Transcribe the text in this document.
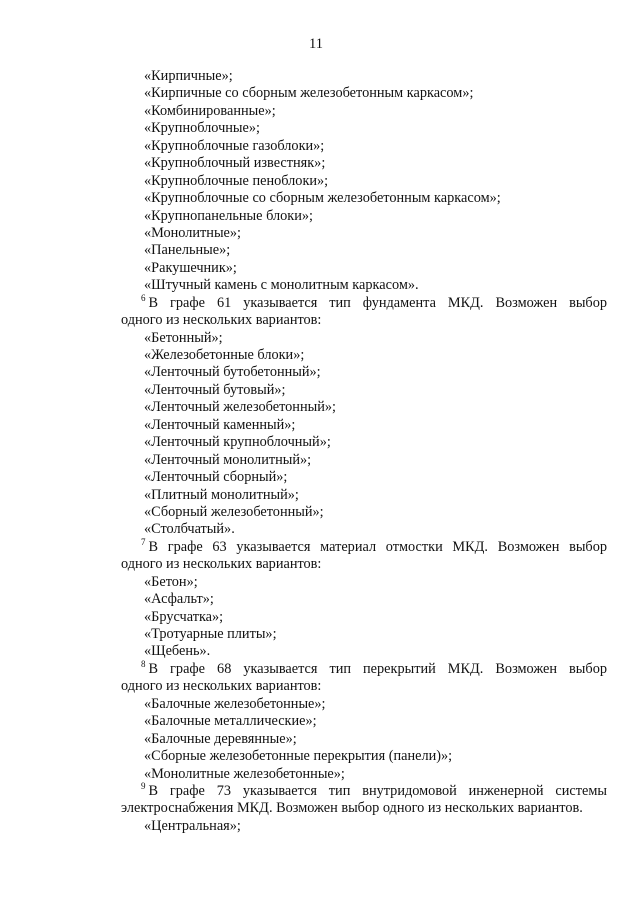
11
«Кирпичные»;
«Кирпичные со сборным железобетонным каркасом»;
«Комбинированные»;
«Крупноблочные»;
«Крупноблочные газоблоки»;
«Крупноблочный известняк»;
«Крупноблочные пеноблоки»;
«Крупноблочные со сборным железобетонным каркасом»;
«Крупнопанельные блоки»;
«Монолитные»;
«Панельные»;
«Ракушечник»;
«Штучный камень с монолитным каркасом».
$^6$ В графе 61 указывается тип фундамента МКД. Возможен выбор
одного из нескольких вариантов:
«Бетонный»;
«Железобетонные блоки»;
«Ленточный бутобетонный»;
«Ленточный бутовый»;
«Ленточный железобетонный»;
«Ленточный каменный»;
«Ленточный крупноблочный»;
«Ленточный монолитный»;
«Ленточный сборный»;
«Плитный монолитный»;
«Сборный железобетонный»;
«Столбчатый».
$^7$ В графе 63 указывается материал отмостки МКД. Возможен выбор
одного из нескольких вариантов:
«Бетон»;
«Асфальт»;
«Брусчатка»;
«Тротуарные плиты»;
«Щебень».
$^8$ В графе 68 указывается тип перекрытий МКД. Возможен выбор
одного из нескольких вариантов:
«Балочные железобетонные»;
«Балочные металлические»;
«Балочные деревянные»;
«Сборные железобетонные перекрытия (панели)»;
«Монолитные железобетонные»;
$^9$ В графе 73 указывается тип внутридомовой инженерной системы
электроснабжения МКД. Возможен выбор одного из нескольких вариантов.
«Центральная»;
